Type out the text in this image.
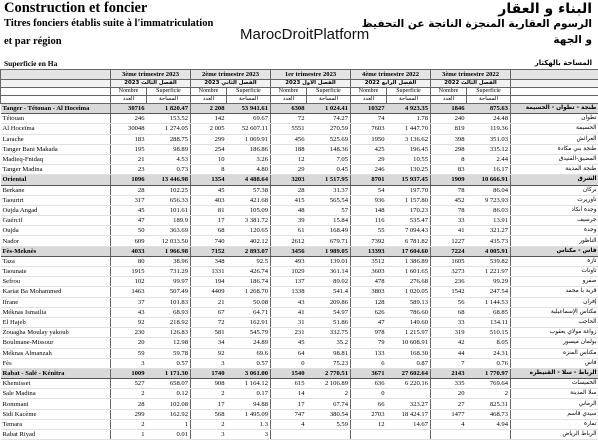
Construction et foncier
Titres fonciers établis suite à l'immatriculation
et par région
البناء و العقار
الرسوم العقارية المنجزة الناتجة عن التحفيظ
و الجهة
MarocDroitPlatform
Superficie en Ha	المساحة بالهكتار
	3ème trimestre 2023		2ème trimestre 2023		1er trimestre 2023		4ème trimestre 2022		3ème trimestre 2022		
	الفصل الثالث 2023		الفصل الثاني 2023		الفصل الأول 2023		الفصل الرابع 2022		الفصل الثالث 2022		
	Nombre	Superficie	Nombre	Superficie	Nombre	Superficie	Nombre	Superficie	Nombre	Superficie	
	العدد	المساحة	العدد	المساحة	العدد	المساحة	العدد	المساحة	العدد	المساحة	
Tanger - Tétouan - Al Hoceima	30716	1 820.47	2 208	53 941.61	6308	1 024.41	10327	4 923.35	1846	875.63	طنجة - تطوان - الحسيمة
Tétouan	246	153.52	142	69.67	72	74.27	74	1.78	240	24.48	تطوان
Al Hoceïma	30048	1 274.05	2 005	52 607.11	5551	270.59	7603	1 447.70	819	119.36	الحسيمة
Larache	183	288.75	299	1 069.91	456	525.69	1950	3 136.62	398	351.03	العرائش
Tanger Bani Makada	195	98.89	254	186.86	188	148.36	425	196.45	298	335.12	طنجة بني مكادة
Madieq-Fnidaq	21	4.53	10	3.26	12	7.05	29	10.55	8	2.44	المضيق-الفنيدق
Tanger Madina	23	0.73	8	4.80	29	0.45	246	130.25	83	16.17	طنجة المدينة
Oriental	1096	13 446.98	1354	4 488.64	3203	1 517.95	8701	15 937.45	1909	10 666.91	الشرق
Berkane	28	102.25	45	57.38	28	31.37	54	197.70	78	86.04	بركان
Taourirt	317	656.33	403	421.68	415	565.54	936	1 157.80	452	9 723.93	تاوريرت
Oujda Angad	45	101.61	81	105.09	48	57	148	170.23	78	86.03	وجدة أنكاد
Guércif	47	189.9	17	3 381.72	39	15.84	116	535.47	33	13.91	جرسيف
Oujda	50	363.69	68	120.65	61	168.49	55	7 094.43	41	321.27	وجدة
Nador	609	12 033.50	740	402.12	2612	679.71	7392	6 781.82	1227	435.73	الناظور
Fès-Meknès	4033	1 966.98	7152	2 893.07	3456	1 989.05	13393	17 604.60	7224	4 005.91	فاس - مكناس
Taza	80	38.96	348	92.5	493	139.01	3512	1 386.89	1605	539.82	تازة
Taounate	1915	731.29	1331	426.74	1029	361.14	3603	1 601.65	3273	1 221.97	تاونات
Sefrou	102	99.97	194	186.74	137	89.02	478	276.68	236	99.29	صفرو
Kariat Ba Mohammed	1463	507.49	4409	1 268.70	1338	541.4	3803	1 020.05	1542	247.54	قرية با محمد
Ifrane	37	101.83	21	50.08	43	209.86	128	589.13	56	1 144.53	إفران
Méknas Ismailia	43	68.93	67	64.71	41	54.97	626	786.60	68	68.85	مكناس الإسماعيلية
El Hajeb	92	218.92	72	162.91	31	51.86	47	149.60	33	134.11	الحاجب
Zouagha Moulay yakoub	230	126.83	581	545.79	231	332.75	978	1 215.97	319	510.15	زواغة مولاي يعقوب
Boulmane-Missour	20	12.98	34	24.89	45	35.2	79	10 608.91	42	8.05	بولمان ميسور
Méknas Almanzah	59	59.78	92	69.6	64	98.81	133	168.30	44	24.31	مكناس المنزه
Fès	3	0.57	3	0.57	0	75.23	6	0.87	7	0.76	فاس
Rabat - Salé - Kénitra	1009	1 171.30	1740	3 061.00	1540	2 770.51	3671	27 602.64	2143	1 770.97	الرباط - سلا - القنيطرة
Khemisset	527	658.07	908	1 164.12	615	2 106.89	636	6 220.16	335	769.64	الخميسات
Sale Madina	2	0.12	2	0.17	14	2	0		20	2	سلا المدينة
Rommani	28	102.08	17	94.88	17	67.74	66	323.27	27	825.31	الرماني
Sidi Kacème	299	162.92	568	1 495.09	747	380.54	2703	18 424.17	1477	468.73	سيدي قاسم
Temara	2	1	2	1.3	4	5.59	12	14.67	4	4.94	تمارة
Rabat Riyad	1	0.01	3	3							الرباط الرياض
